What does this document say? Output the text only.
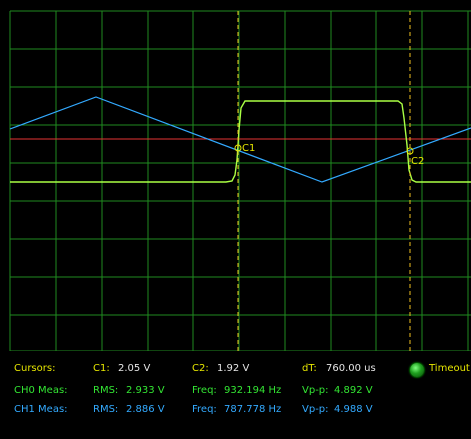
C1
C2
Cursors:	C1: 2.05 V	C2: 1.92 V	dT: 760.00 us	Timeout
CH0 Meas:	RMS: 2.933 V	Freq: 932.194 Hz Vp-p: 4.892 V
CH1 Meas:	RMS: 2.886 V	Freq: 787.778 Hz Vp-p: 4.988 V
